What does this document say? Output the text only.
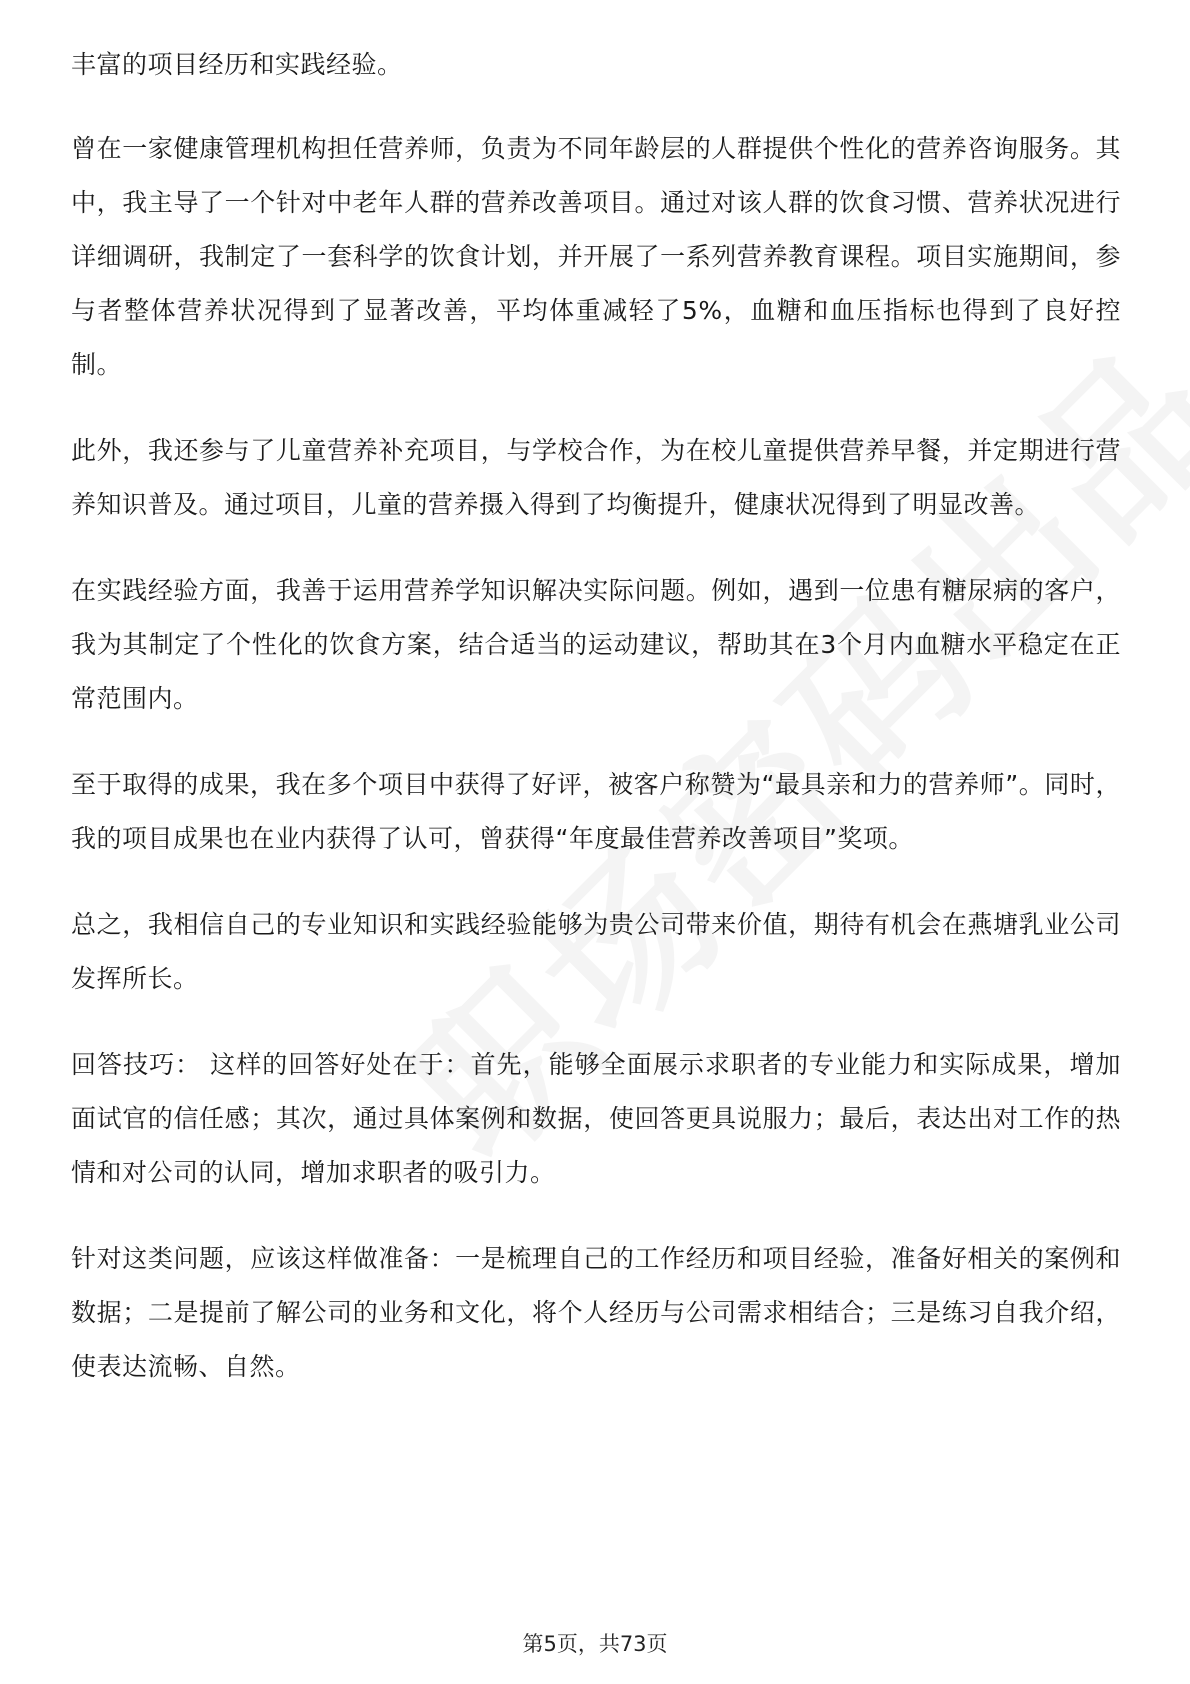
丰富的项目经历和实践经验。

曾在一家健康管理机构担任营养师，负责为不同年龄层的人群提供个性化的营养咨询服务。其中，我主导了一个针对中老年人群的营养改善项目。通过对该人群的饮食习惯、营养状况进行详细调研，我制定了一套科学的饮食计划，并开展了一系列营养教育课程。项目实施期间，参与者整体营养状况得到了显著改善，平均体重减轻了5%，血糖和血压指标也得到了良好控制。

此外，我还参与了儿童营养补充项目，与学校合作，为在校儿童提供营养早餐，并定期进行营养知识普及。通过项目，儿童的营养摄入得到了均衡提升，健康状况得到了明显改善。

在实践经验方面，我善于运用营养学知识解决实际问题。例如，遇到一位患有糖尿病的客户，我为其制定了个性化的饮食方案，结合适当的运动建议，帮助其在3个月内血糖水平稳定在正常范围内。

至于取得的成果，我在多个项目中获得了好评，被客户称赞为“最具亲和力的营养师”。同时，我的项目成果也在业内获得了认可，曾获得“年度最佳营养改善项目”奖项。

总之，我相信自己的专业知识和实践经验能够为贵公司带来价值，期待有机会在燕塘乳业公司发挥所长。

回答技巧： 这样的回答好处在于：首先，能够全面展示求职者的专业能力和实际成果，增加面试官的信任感；其次，通过具体案例和数据，使回答更具说服力；最后，表达出对工作的热情和对公司的认同，增加求职者的吸引力。

针对这类问题，应该这样做准备：一是梳理自己的工作经历和项目经验，准备好相关的案例和数据；二是提前了解公司的业务和文化，将个人经历与公司需求相结合；三是练习自我介绍，使表达流畅、自然。

第5页，共73页
